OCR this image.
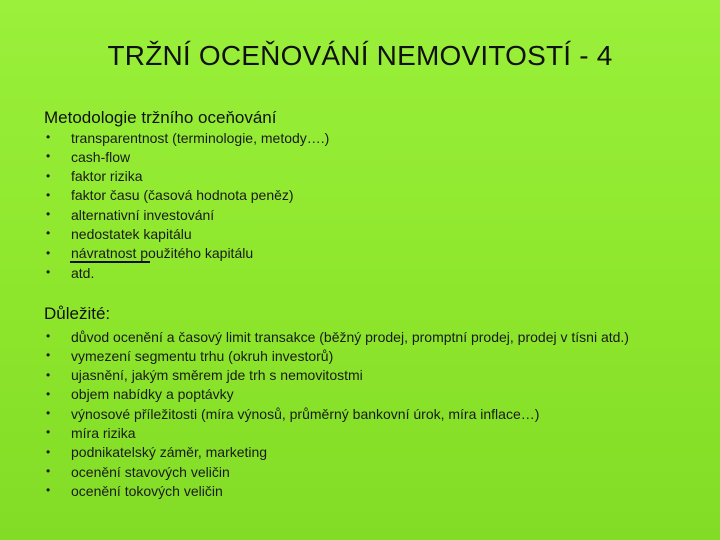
TRŽNÍ OCEŇOVÁNÍ NEMOVITOSTÍ - 4
Metodologie tržního oceňování
• transparentnost (terminologie, metody….)
• cash-flow
• faktor rizika
• faktor času (časová hodnota peněz)
• alternativní investování
• nedostatek kapitálu
• návratnost použitého kapitálu
• atd.
Důležité:
• důvod ocenění a časový limit transakce (běžný prodej, promptní prodej, prodej v tísni atd.)
• vymezení segmentu trhu (okruh investorů)
• ujasnění, jakým směrem jde trh s nemovitostmi
• objem nabídky a poptávky
• výnosové příležitosti (míra výnosů, průměrný bankovní úrok, míra inflace…)
• míra rizika
• podnikatelský záměr, marketing
• ocenění stavových veličin
• ocenění tokových veličin
